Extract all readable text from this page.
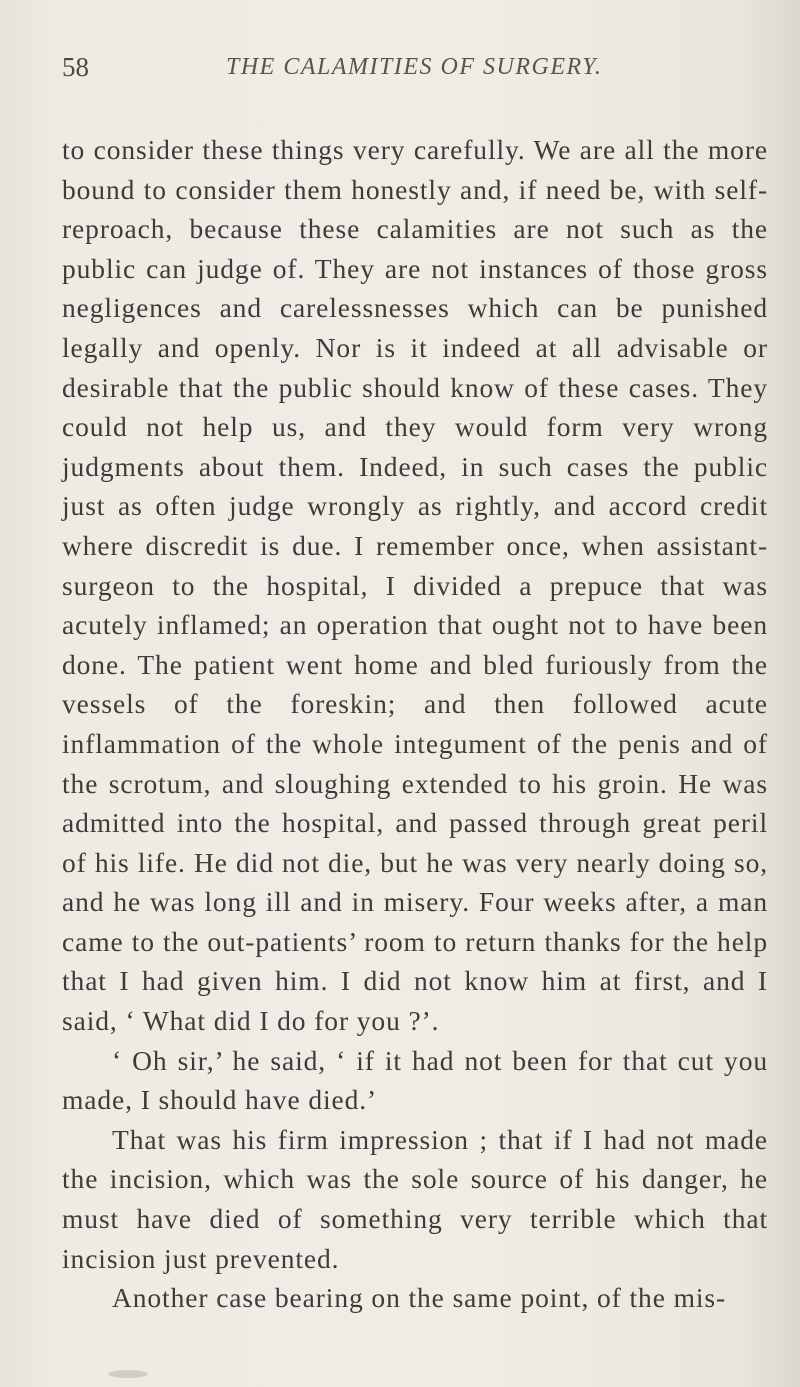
58	THE CALAMITIES OF SURGERY.

to consider these things very carefully. We are all the more bound to consider them honestly and, if need be, with self-reproach, because these calamities are not such as the public can judge of. They are not instances of those gross negligences and carelessnesses which can be punished legally and openly. Nor is it indeed at all advisable or desirable that the public should know of these cases. They could not help us, and they would form very wrong judgments about them. Indeed, in such cases the public just as often judge wrongly as rightly, and accord credit where discredit is due. I remember once, when assistant-surgeon to the hospital, I divided a prepuce that was acutely inflamed; an operation that ought not to have been done. The patient went home and bled furiously from the vessels of the foreskin; and then followed acute inflammation of the whole integument of the penis and of the scrotum, and sloughing extended to his groin. He was admitted into the hospital, and passed through great peril of his life. He did not die, but he was very nearly doing so, and he was long ill and in misery. Four weeks after, a man came to the out-patients’ room to return thanks for the help that I had given him. I did not know him at first, and I said, ‘ What did I do for you ?’.

‘ Oh sir,’ he said, ‘ if it had not been for that cut you made, I should have died.’

That was his firm impression ; that if I had not made the incision, which was the sole source of his danger, he must have died of something very terrible which that incision just prevented.

Another case bearing on the same point, of the mis-
